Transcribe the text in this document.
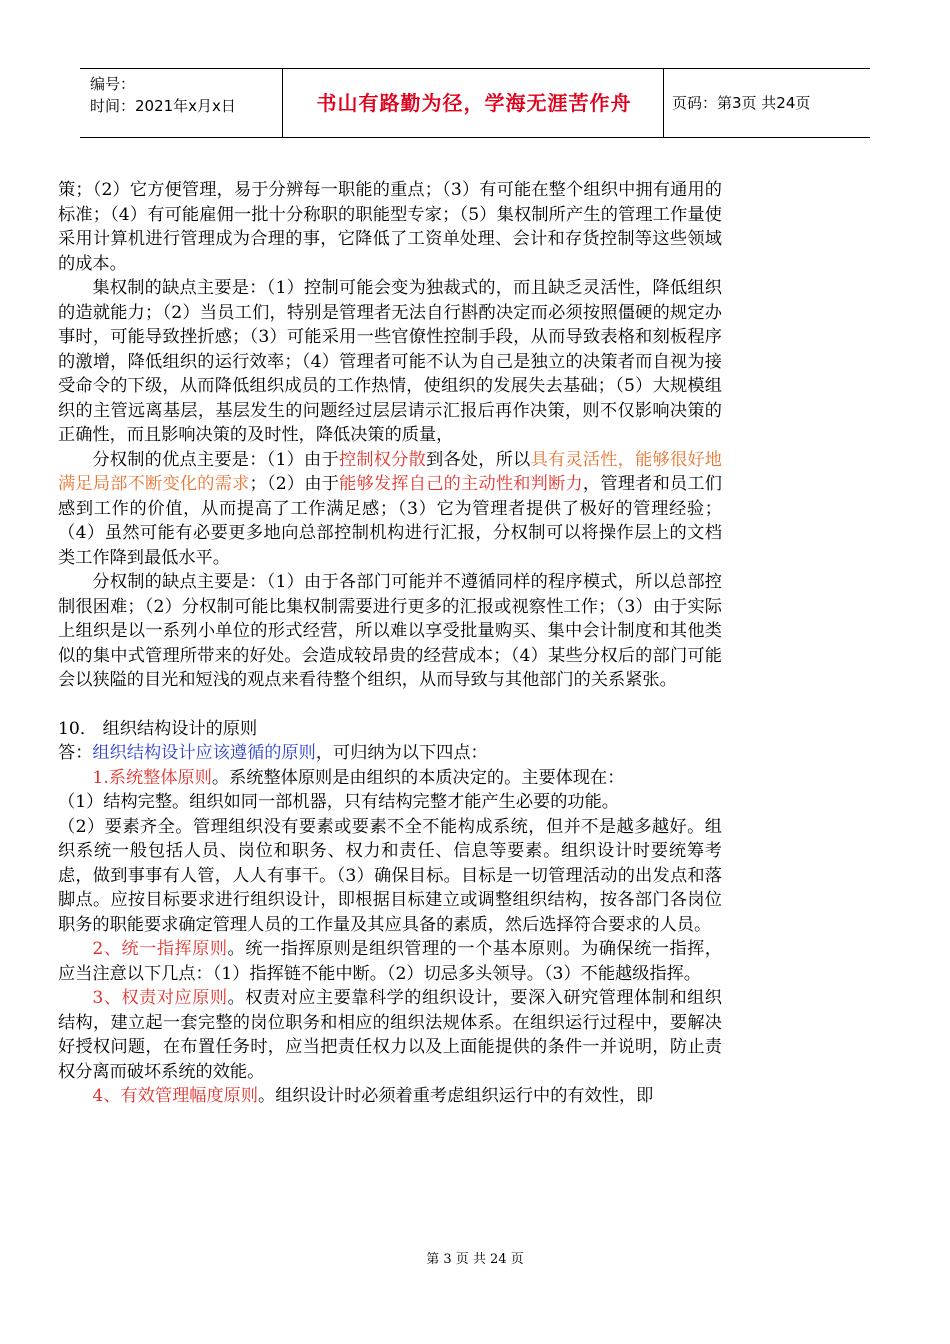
编号：
时间：2021年x月x日	书山有路勤为径，学海无涯苦作舟	页码：第3页 共24页

策；（2）它方便管理，易于分辨每一职能的重点；（3）有可能在整个组织中拥有通用的标准；（4）有可能雇佣一批十分称职的职能型专家；（5）集权制所产生的管理工作量使采用计算机进行管理成为合理的事，它降低了工资单处理、会计和存货控制等这些领域的成本。

集权制的缺点主要是：（1）控制可能会变为独裁式的，而且缺乏灵活性，降低组织的造就能力；（2）当员工们，特别是管理者无法自行斟酌决定而必须按照僵硬的规定办事时，可能导致挫折感；（3）可能采用一些官僚性控制手段，从而导致表格和刻板程序的激增，降低组织的运行效率；（4）管理者可能不认为自己是独立的决策者而自视为接受命令的下级，从而降低组织成员的工作热情，使组织的发展失去基础；（5）大规模组织的主管远离基层，基层发生的问题经过层层请示汇报后再作决策，则不仅影响决策的正确性，而且影响决策的及时性，降低决策的质量，

分权制的优点主要是：（1）由于控制权分散到各处，所以具有灵活性，能够很好地满足局部不断变化的需求；（2）由于能够发挥自己的主动性和判断力，管理者和员工们感到工作的价值，从而提高了工作满足感；（3）它为管理者提供了极好的管理经验；（4）虽然可能有必要更多地向总部控制机构进行汇报，分权制可以将操作层上的文档类工作降到最低水平。

分权制的缺点主要是：（1）由于各部门可能并不遵循同样的程序模式，所以总部控制很困难；（2）分权制可能比集权制需要进行更多的汇报或视察性工作；（3）由于实际上组织是以一系列小单位的形式经营，所以难以享受批量购买、集中会计制度和其他类似的集中式管理所带来的好处。会造成较昂贵的经营成本；（4）某些分权后的部门可能会以狭隘的目光和短浅的观点来看待整个组织，从而导致与其他部门的关系紧张。

10． 组织结构设计的原则

答：组织结构设计应该遵循的原则，可归纳为以下四点：

1.系统整体原则。系统整体原则是由组织的本质决定的。主要体现在：

（1）结构完整。组织如同一部机器，只有结构完整才能产生必要的功能。

（2）要素齐全。管理组织没有要素或要素不全不能构成系统，但并不是越多越好。组织系统一般包括人员、岗位和职务、权力和责任、信息等要素。组织设计时要统筹考虑，做到事事有人管，人人有事干。（3）确保目标。目标是一切管理活动的出发点和落脚点。应按目标要求进行组织设计，即根据目标建立或调整组织结构，按各部门各岗位职务的职能要求确定管理人员的工作量及其应具备的素质，然后选择符合要求的人员。

2、统一指挥原则。统一指挥原则是组织管理的一个基本原则。为确保统一指挥，应当注意以下几点：（1）指挥链不能中断。（2）切忌多头领导。（3）不能越级指挥。

3、权责对应原则。权责对应主要靠科学的组织设计，要深入研究管理体制和组织结构，建立起一套完整的岗位职务和相应的组织法规体系。在组织运行过程中，要解决好授权问题，在布置任务时，应当把责任权力以及上面能提供的条件一并说明，防止责权分离而破坏系统的效能。

4、有效管理幅度原则。组织设计时必须着重考虑组织运行中的有效性，即

第 3 页 共 24 页
